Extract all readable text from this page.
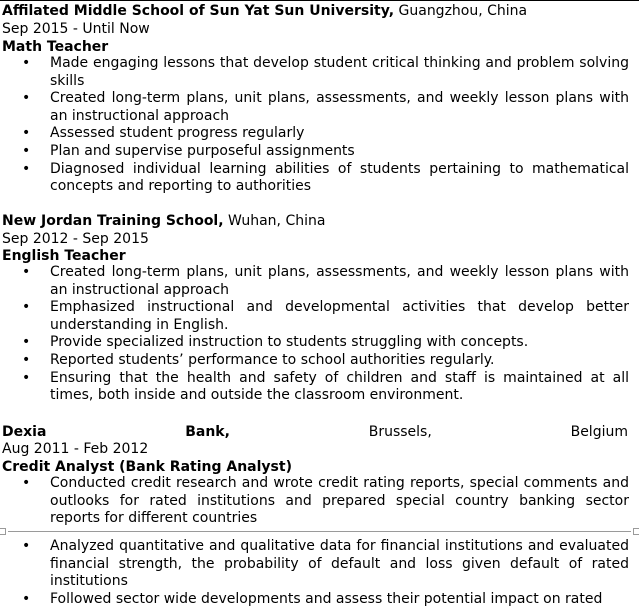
Affilated Middle School of Sun Yat Sun University, Guangzhou, China
Sep 2015 - Until Now
Math Teacher
• Made engaging lessons that develop student critical thinking and problem solving skills
• Created long-term plans, unit plans, assessments, and weekly lesson plans with an instructional approach
• Assessed student progress regularly
• Plan and supervise purposeful assignments
• Diagnosed individual learning abilities of students pertaining to mathematical concepts and reporting to authorities
New Jordan Training School, Wuhan, China
Sep 2012 - Sep 2015
English Teacher
• Created long-term plans, unit plans, assessments, and weekly lesson plans with an instructional approach
• Emphasized instructional and developmental activities that develop better understanding in English.
• Provide specialized instruction to students struggling with concepts.
• Reported students’ performance to school authorities regularly.
• Ensuring that the health and safety of children and staff is maintained at all times, both inside and outside the classroom environment.
Dexia	Bank,	Brussels,	Belgium
Aug 2011 - Feb 2012
Credit Analyst (Bank Rating Analyst)
• Conducted credit research and wrote credit rating reports, special comments and outlooks for rated institutions and prepared special country banking sector reports for different countries
• Analyzed quantitative and qualitative data for financial institutions and evaluated financial strength, the probability of default and loss given default of rated institutions
• Followed sector wide developments and assess their potential impact on rated
